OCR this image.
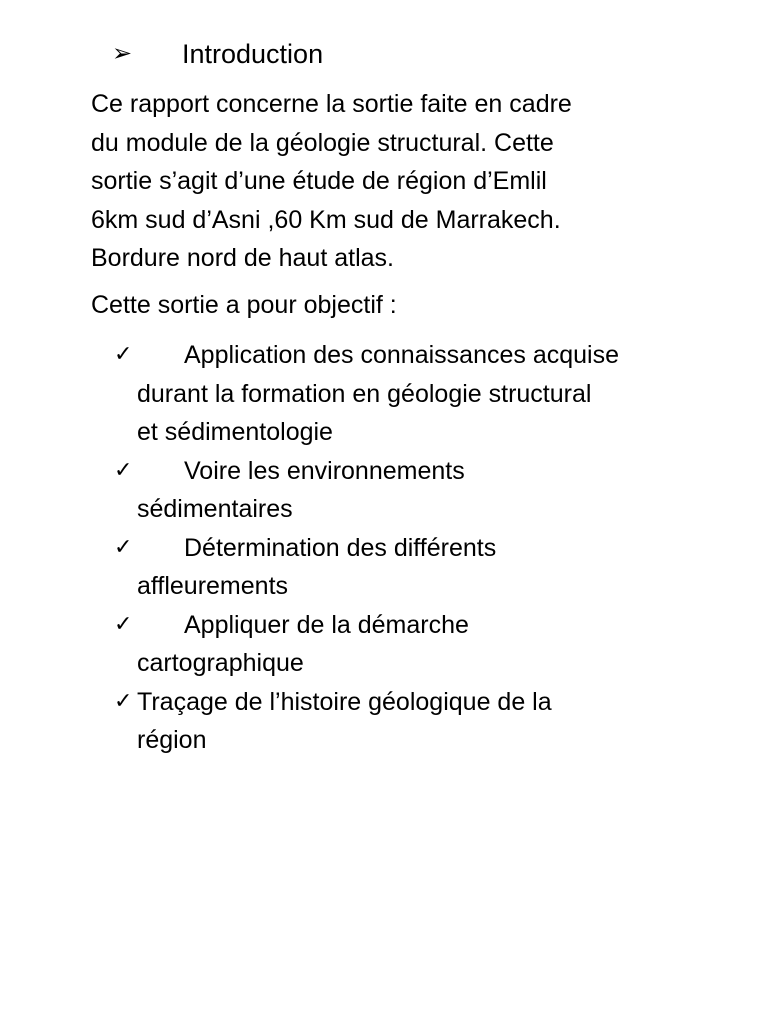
➢	Introduction

Ce rapport concerne la sortie faite en cadre
du module de la géologie structural. Cette
sortie s’agit d’une étude de région d’Emlil
6km sud d’Asni ,60 Km sud de Marrakech.
Bordure nord de haut atlas.

Cette sortie a pour objectif :

✓	Application des connaissances acquise
durant la formation en géologie structural
et sédimentologie
✓	Voire les environnements
sédimentaires
✓	Détermination des différents
affleurements
✓	Appliquer de la démarche
cartographique
✓ Traçage de l’histoire géologique de la
région
